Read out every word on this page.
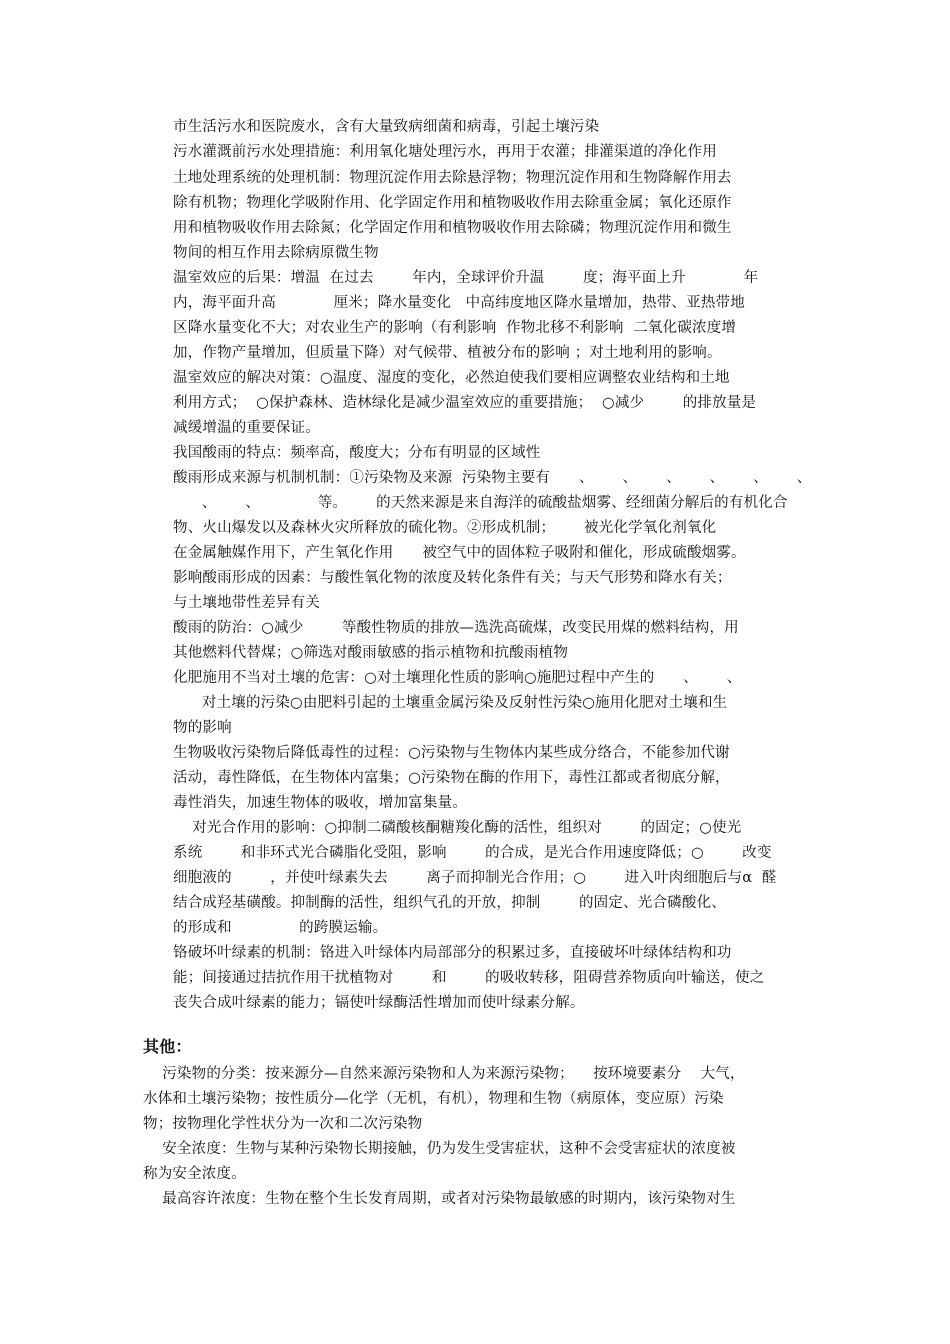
市生活污水和医院废水，含有大量致病细菌和病毒，引起土壤污染
污水灌溉前污水处理措施：利用氧化塘处理污水，再用于农灌；排灌渠道的净化作用
土地处理系统的处理机制：物理沉淀作用去除悬浮物；物理沉淀作用和生物降解作用去
除有机物；物理化学吸附作用、化学固定作用和植物吸收作用去除重金属；氧化还原作
用和植物吸收作用去除氮；化学固定作用和植物吸收作用去除磷；物理沉淀作用和微生
物间的相互作用去除病原微生物
温室效应的后果：增温  在过去        年内，全球评价升温        度；海平面上升            年
内，海平面升高            厘米；降水量变化   中高纬度地区降水量增加，热带、亚热带地
区降水量变化不大；对农业生产的影响（有利影响  作物北移不利影响  二氧化碳浓度增
加，作物产量增加，但质量下降）对气候带、植被分布的影响 ；对土地利用的影响。
温室效应的解决对策：○温度、湿度的变化，必然迫使我们要相应调整农业结构和土地
利用方式；  ○保护森林、造林绿化是减少温室效应的重要措施；  ○减少        的排放量是
减缓增温的重要保证。
我国酸雨的特点：频率高，酸度大；分布有明显的区域性
酸雨形成来源与机制机制：①污染物及来源  污染物主要有      、      、      、      、      、      、
、      、            等。      的天然来源是来自海洋的硫酸盐烟雾、经细菌分解后的有机化合
物、火山爆发以及森林火灾所释放的硫化物。②形成机制；      被光化学氧化剂氧化
在金属触媒作用下，产生氧化作用      被空气中的固体粒子吸附和催化，形成硫酸烟雾。
影响酸雨形成的因素：与酸性氧化物的浓度及转化条件有关；与天气形势和降水有关；
与土壤地带性差异有关
酸雨的防治：○减少        等酸性物质的排放—选洗高硫煤，改变民用煤的燃料结构，用
其他燃料代替煤；○筛选对酸雨敏感的指示植物和抗酸雨植物
化肥施用不当对土壤的危害：○对土壤理化性质的影响○施肥过程中产生的      、      、
对土壤的污染○由肥料引起的土壤重金属污染及反射性污染○施用化肥对土壤和生
物的影响
生物吸收污染物后降低毒性的过程：○污染物与生物体内某些成分络合，不能参加代谢
活动，毒性降低，在生物体内富集；○污染物在酶的作用下，毒性江都或者彻底分解，
毒性消失，加速生物体的吸收，增加富集量。
对光合作用的影响：○抑制二磷酸核酮糖羧化酶的活性，组织对        的固定；○使光
系统        和非环式光合磷脂化受阻，影响        的合成，是光合作用速度降低；○        改变
细胞液的        ，并使叶绿素失去        离子而抑制光合作用；○        进入叶肉细胞后与α  醛
结合成羟基磺酸。抑制酶的活性，组织气孔的开放，抑制        的固定、光合磷酸化、
的形成和              的跨膜运输。
铬破坏叶绿素的机制：铬进入叶绿体内局部部分的积累过多，直接破坏叶绿体结构和功
能；间接通过拮抗作用干扰植物对        和        的吸收转移，阻碍营养物质向叶输送，使之
丧失合成叶绿素的能力；镉使叶绿酶活性增加而使叶绿素分解。
其他：
污染物的分类：按来源分—自然来源污染物和人为来源污染物；    按环境要素分    大气，
水体和土壤污染物；按性质分—化学（无机，有机），物理和生物（病原体，变应原）污染
物；按物理化学性状分为一次和二次污染物
安全浓度：生物与某种污染物长期接触，仍为发生受害症状，这种不会受害症状的浓度被
称为安全浓度。
最高容许浓度：生物在整个生长发育周期，或者对污染物最敏感的时期内，该污染物对生
